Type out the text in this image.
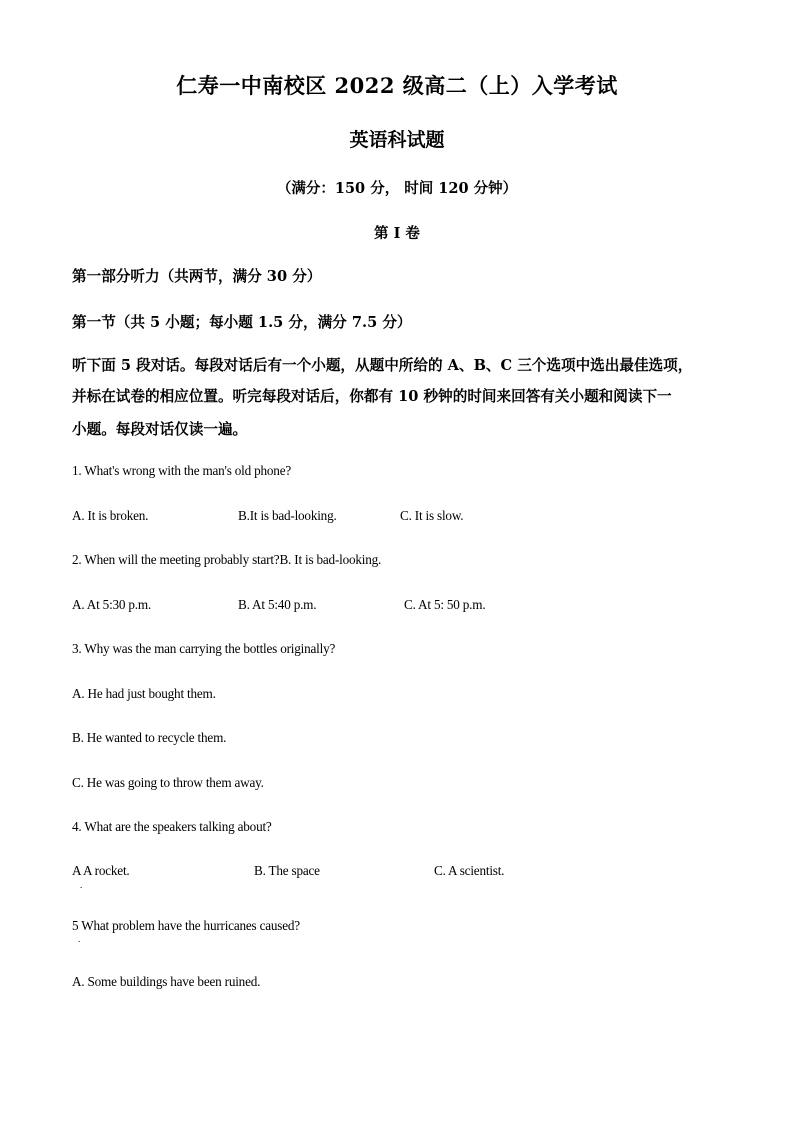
仁寿一中南校区 2022 级高二（上）入学考试
英语科试题
（满分：150 分， 时间 120 分钟）
第 I 卷
第一部分听力（共两节，满分 30 分）
第一节（共 5 小题；每小题 1.5 分，满分 7.5 分）
听下面 5 段对话。每段对话后有一个小题，从题中所给的 A、B、C 三个选项中选出最佳选项，
并标在试卷的相应位置。听完每段对话后，你都有 10 秒钟的时间来回答有关小题和阅读下一
小题。每段对话仅读一遍。
1. What's wrong with the man's old phone?
A. It is broken.	B.It is bad-looking.	C. It is slow.
2. When will the meeting probably start?B. It is bad-looking.
A. At 5:30 p.m.	B. At 5:40 p.m.	C. At 5: 50 p.m.
3. Why was the man carrying the bottles originally?
A. He had just bought them.
B. He wanted to recycle them.
C. He was going to throw them away.
4. What are the speakers talking about?
A A rocket.
.
B. The space	C. A scientist.
5 What problem have the hurricanes caused?
.
A. Some buildings have been ruined.
